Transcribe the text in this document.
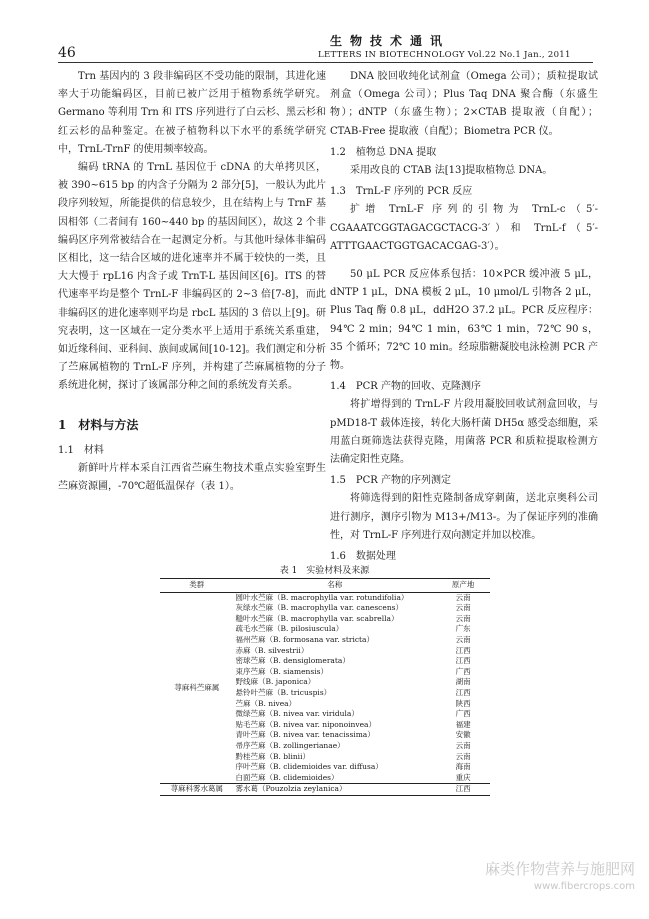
46
生物技术通讯
LETTERS IN BIOTECHNOLOGY Vol.22 No.1 Jan., 2011

Trn 基因内的 3 段非编码区不受功能的限制，其进化速率大于功能编码区，目前已被广泛用于植物系统学研究。Germano 等利用 Trn 和 ITS 序列进行了白云杉、黑云杉和红云杉的品种鉴定。在被子植物科以下水平的系统学研究中，TrnL-TrnF 的使用频率较高。

编码 tRNA 的 TrnL 基因位于 cDNA 的大单拷贝区，被 390~615 bp 的内含子分隔为 2 部分[5]，一般认为此片段序列较短，所能提供的信息较少，且在结构上与 TrnF 基因相邻（二者间有 160~440 bp 的基因间区），故这 2 个非编码区序列常被结合在一起测定分析。与其他叶绿体非编码区相比，这一结合区域的进化速率并不属于较快的一类，且大大慢于 rpL16 内含子或 TrnT-L 基因间区[6]。ITS 的替代速率平均是整个 TrnL-F 非编码区的 2~3 倍[7-8]，而此非编码区的进化速率则平均是 rbcL 基因的 3 倍以上[9]。研究表明，这一区域在一定分类水平上适用于系统关系重建，如近缘科间、亚科间、族间或属间[10-12]。我们测定和分析了苎麻属植物的 TrnL-F 序列，并构建了苎麻属植物的分子系统进化树，探讨了该属部分种之间的系统发育关系。

1　材料与方法
1.1　材料

新鲜叶片样本采自江西省苎麻生物技术重点实验室野生苎麻资源圃，-70℃超低温保存（表 1）。

DNA 胶回收纯化试剂盒（Omega 公司）；质粒提取试剂盒（Omega 公司）；Plus Taq DNA 聚合酶（东盛生物）；dNTP（东盛生物）；2×CTAB 提取液（自配）；CTAB-Free 提取液（自配）；Biometra PCR 仪。

1.2　植物总 DNA 提取

采用改良的 CTAB 法[13]提取植物总 DNA。

1.3　TrnL-F 序列的 PCR 反应

扩增 TrnL-F 序列的引物为 TrnL-c（5′-CGAAATCGGTAGACGCTACG-3′）和 TrnL-f（5′-ATTTGAACTGGTGACACGAG-3′）。

50 μL PCR 反应体系包括：10×PCR 缓冲液 5 μL，dNTP 1 μL，DNA 模板 2 μL，10 μmol/L 引物各 2 μL，Plus Taq 酶 0.8 μL，ddH2O 37.2 μL。PCR 反应程序：94℃ 2 min；94℃ 1 min，63℃ 1 min，72℃ 90 s，35 个循环；72℃ 10 min。经琼脂糖凝胶电泳检测 PCR 产物。

1.4　PCR 产物的回收、克隆测序

将扩增得到的 TrnL-F 片段用凝胶回收试剂盒回收，与 pMD18-T 载体连接，转化大肠杆菌 DH5α 感受态细胞，采用蓝白斑筛选法获得克隆，用菌落 PCR 和质粒提取检测方法确定阳性克隆。

1.5　PCR 产物的序列测定

将筛选得到的阳性克隆制备成穿刺菌，送北京奥科公司进行测序，测序引物为 M13+/M13-。为了保证序列的准确性，对 TrnL-F 序列进行双向测定并加以校准。

1.6　数据处理
表 1　实验材料及来源
类群	名称	原产地
荨麻科苎麻属	圆叶水苎麻（B. macrophylla var. rotundifolia）	云南
	灰绿水苎麻（B. macrophylla var. canescens）	云南
	糙叶水苎麻（B. macrophylla var. scabrella）	云南
	疏毛水苎麻（B. pilosiuscula）	广东
	福州苎麻（B. formosana var. stricta）	云南
	赤麻（B. silvestrii）	江西
	密球苎麻（B. densiglomerata）	江西
	束序苎麻（B. siamensis）	广西
	野线麻（B. japonica）	湖南
	悬铃叶苎麻（B. tricuspis）	江西
	苎麻（B. nivea）	陕西
	微绿苎麻（B. nivea var. viridula）	广西
	贴毛苎麻（B. nivea var. niponoinvea）	福建
	青叶苎麻（B. nivea var. tenacissima）	安徽
	帚序苎麻（B. zollingerianae）	云南
	黔桂苎麻（B. blinii）	云南
	序叶苎麻（B. clidemioides var. diffusa）	海南
	白面苎麻（B. clidemioides）	重庆
荨麻科雾水葛属	雾水葛（Pouzolzia zeylanica）	江西
麻类作物营养与施肥网
www.fibercrops.com
